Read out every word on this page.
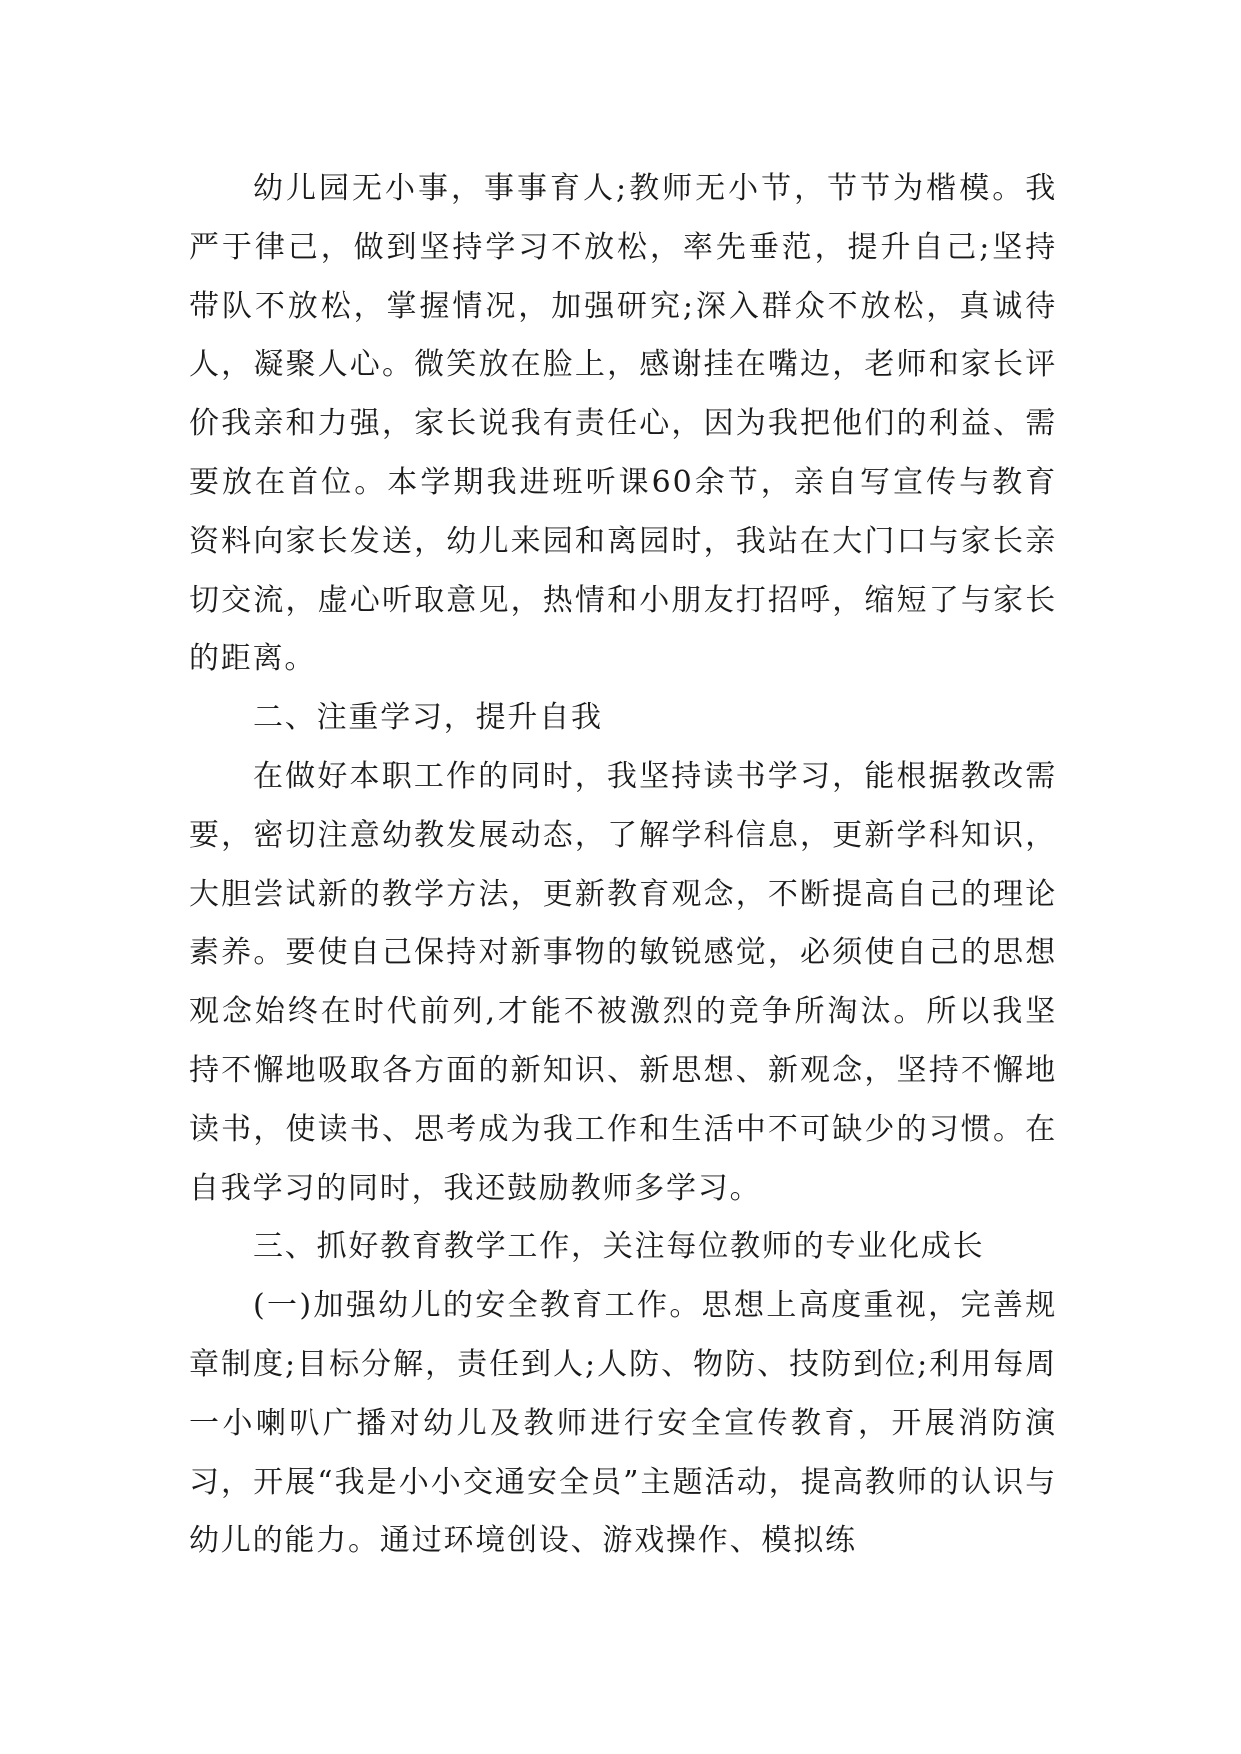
幼儿园无小事，事事育人;教师无小节，节节为楷模。我严于律己，做到坚持学习不放松，率先垂范，提升自己;坚持带队不放松，掌握情况，加强研究;深入群众不放松，真诚待人，凝聚人心。微笑放在脸上，感谢挂在嘴边，老师和家长评价我亲和力强，家长说我有责任心，因为我把他们的利益、需要放在首位。本学期我进班听课60余节，亲自写宣传与教育资料向家长发送，幼儿来园和离园时，我站在大门口与家长亲切交流，虚心听取意见，热情和小朋友打招呼，缩短了与家长的距离。

二、注重学习，提升自我

在做好本职工作的同时，我坚持读书学习，能根据教改需要，密切注意幼教发展动态，了解学科信息，更新学科知识，大胆尝试新的教学方法，更新教育观念，不断提高自己的理论素养。要使自己保持对新事物的敏锐感觉，必须使自己的思想观念始终在时代前列,才能不被激烈的竞争所淘汰。所以我坚持不懈地吸取各方面的新知识、新思想、新观念，坚持不懈地读书，使读书、思考成为我工作和生活中不可缺少的习惯。在自我学习的同时，我还鼓励教师多学习。

三、抓好教育教学工作，关注每位教师的专业化成长

(一)加强幼儿的安全教育工作。思想上高度重视，完善规章制度;目标分解，责任到人;人防、物防、技防到位;利用每周一小喇叭广播对幼儿及教师进行安全宣传教育，开展消防演习，开展“我是小小交通安全员”主题活动，提高教师的认识与幼儿的能力。通过环境创设、游戏操作、模拟练
